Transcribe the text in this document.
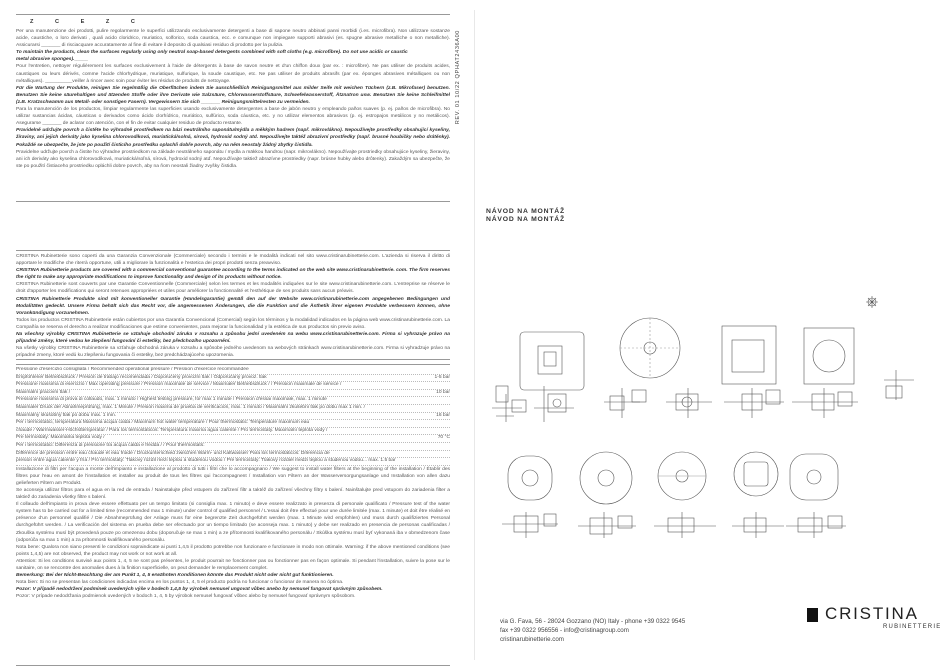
Z	C	E	Z	C
Per una manutenzione dei prodotti, pulire regolarmente le superfici utilizzando esclusivamente detergenti a base di sapone neutro abbinati panni morbidi (i.es. microfibra). Non utilizzare sostanze acide, caustiche, o loro derivati , quali acido cloridrico, muriatico, solforico, soda caustica, ecc. e comunque non impiegare supporti abrasivi (es. spugne abrasive metalliche o non metalliche). Assicurarsi _______ di risciacquare accuratamente al fine di evitare il deposito di qualsiasi residuo di prodotto per la pulizia.
To maintain the products, clean the surfaces regularly using only neutral soap-based detergents combined with soft cloths (e.g. microfibre). Do not use acidic or caustic
metal abrasive sponges)._____
Pour l'entretien, nettoyer régulièrement les surfaces exclusivement à l'aide de détergents à base de savon neutre et d'un chiffon doux (par ex. : microfibre). Ne pas utiliser de produits acides, caustiques ou leurs dérivés, comme l'acide chlorhydrique, muriatique, sulfurique, la soude caustique, etc. Ne pas utiliser de produits abrasifs (par ex. éponges abrasives métalliques ou non métalliques). __________veiller à rincer avec soin pour éviter les résidus de produits de nettoyage.
Für die Wartung der Produkte, reinigen Sie regelmäßig die Oberflächen indem Sie ausschließlich Reinigungsmittel aus milder Seife mit weichen Tüchern (z.B. Mikrofaser) benutzen. Benutzen Sie keine säurehaltigen und ätzenden Stoffe oder ihre Derivate wie Salzsäure, Chlorwasserstoffsäure, Schwefelwasserstoff, Ätznatron usw. Benutzen Sie keine Schleifmittel (z.B. Kratzschwamm aus Metall- oder sonstigen Fasern). Vergewissern Sie sich _______ Reinigungsmittelresten zu vermeiden.
Para la manutención de los productos, limpiar regularmente las superficies usando exclusivamente detergentes a base de jabón neutro y empleando paños suaves (p. ej. paños de microfibra). No utilizar sustancias ácidas, cáusticas o derivados como ácido clorhídrico, muriático, sulfúrico, soda cáustica, etc. y no utilizar elementos abrasivos (p. ej. estropajos metálicos y no metálicos). Asegurarse _______ de aclarar con atención, con el fin de evitar cualquier residuo de producto restante.
Pravidelně udržujte povrch a čistěte ho výhradně prostředkem na bázi neutrálního saponátu/mýdla a měkkým hadrem (např. mikrovlákno). Nepoužívejte prostředky obsahující kyseliny, žíraviny, ani jejich deriváty jako kyselina chlorovodíková, muriatická/solná, sírová, hydroxid sodný atd. Nepoužívejte taktéž abrazivní prostředky (např. brusné houbičky nebo drátěnky). Pokaždé se ubezpečte, že jste po použití čisticího prostředku oplachli dobře povrch, aby na něm neostaly žádný zbytky čistidla.
Pravidelne udržujte povrch a čistite ho výhradne prostriedkom na základe neutrálneho saponátu / mydla a mäkkou handrou (napr. mikrovlákno). Nepoužívajte prostriedky obsahujúce kyseliny, žieraviny, ani ich deriváty ako kyselina chlorovodíková, muriatická/soľná, sírová, hydroxid sodný atď. Nepoužívajte taktiež abrazívne prostriedky (napr. brúsne hubky alebo drôtenky). Zakaždým sa ubezpečte, že ste po použití čistiaceho prostriedku opláchli dobre povrch, aby na ňom neostali žiadny zvyšky čistidla.
CRISTINA Rubinetterie sono coperti da una Garanzia Convenzionale (Commerciale) secondo i termini e le modalità indicati nel sito www.cristinarubinetterie.com. L'azienda si riserva il diritto di apportare le modifiche che riterrà opportune, utili a migliorare la funzionalità e l'estetica dei propri prodotti senza preavviso.
CRISTINA Rubinetterie products are covered with a commercial conventional guarantee according to the terms indicated on the web site www.cristinarubinetterie. com. The firm reserves the right to make any appropriate modifications to improve functionality and design of its products without notice.
CRISTINA Rubinetterie sont couverts par une Garantie Conventionnelle (Commerciale) selon les termes et les modalités indiquées sur le site www.cristinarubinetterie.com. L'entreprise se réserve le droit d'apporter les modifications qui seront retenues appropriées et utiles pour améliorer la fonctionnalité et l'esthétique de ses produits sans aucun préavis.
CRISTINA Rubinetterie Produkte sind mit konventioneller Garantie (Handelsgarantie) gemäß den auf der Website www.cristinarubinetterie.com angegebenen Bedingungen und Modalitäten gedeckt. Unsere Firma behält sich das Recht vor, die angemessenen Änderungen, die die Funktion und die Ästhetik ihrer eigenen Produkte verbessern können, ohne Vorankündigung vorzunehmen.
Todos los productos CRISTINA Rubinetterie están cubiertos por una Garantía Convencional (Comercial) según los términos y la modalidad indicados en la página web www.cristinarubinetterie.com. La Compañía se reserva el derecho a realizar modificaciones que estime convenientes, para mejorar la funcionalidad y la estética de sus productos sin previo aviso.
Na všechny výrobky CRISTINA Rubinetterie se vztahuje obchodní záruka v rozsahu a způsobu jední uvedeném na webu www.cristinarubinetterie.com. Firma si vyhrazuje právo na případné změny, které vedou ke zlepšení fungování či estetiky, bez předchozího upozornění.
Na všetky výrobky CRISTINA Rubinetterie sa vzťahuje obchodná záruka v rozsahu a spôsobe jedného uvedenom na webových stránkach www.cristinarubinetterie.com. Firma si vyhradzuje právo na prípadné zmeny, ktoré vedú ku zlepšeniu fungovania či estetiky, bez predchádzajúceho upozornenia.
Pressione d'esercizio consigliata / Recommended operational pressure / Pression d'exercice recommandée
Empfohlener Betriebsdruck / Presión de trabajo recomendada / Doporučený provozní tlak / Odporúčaný provoz. tlak	1-5 bar
Pressione massima di esercizio / Max operating pressure / Pression maximale de service / Maximaler Betriebsdruck / / Pression maximale de service /
Maximální pracovní tlak /	10 bar
Pressione massima di prova di collaudo, max. 1 minuto / Highest testing pressure, for max 1 minute / Pression d'essai maximale, max. 1 minute
Maximaler Druck der Abnahmeprüfung, max. 1 Minute / Presión máxima de prueba de verificación, máx. 1 minuto / Maximální zkušební tlak po dobu max 1 min. /
Maximálny skúšobný tlak po dobu max. 1 min.	16 bar
Per i termostatici, temperatura Massima acqua calda / Maximum hot water temperature / Pour thermostatic: Température maximum eau
chaude / Warmwasser-Höchsttemperatur / Para los termostáticos: Temperatura máxima agua caliente / Pro termostaty. Maximální teplota vody /
Pre termostaty: Maximálna teplota vody /	70 °C
Per i termostatici: Differenza di pressione tra acqua calda e fredda / / Pour thermostats:
Différence de pression entre eau chaude et eau froide / Druckunterschied zwischen Warm- und Kaltwasser/ Para los termostáticos: Diferencia de
presión entre agua caliente y fría / Pro termostaty: Tlakový rozdíl mezi teplou a studenou vodou / Pre termostaty: Tlakový rozdiel medzi teplou a studenou vodou... max. 1.5 bar
Installazione di filtri per l'acqua a monte dell'impianto e installazione al prodotto di tutti i filtri che lo accompagnano / We suggest to install water filters at the beginning of the installation / Établir des filtres pour l'eau en amont de l'installation et installer au produit de tous les filtres qui l'accompagnent / Installation von Filtern an der Wasserversorgungsanlage und Installation von allen dazu gelieferten Filtern am Produkt.
Se aconseja utilizar filtros para el agua en la red de entrada / Nainstalujte před vstupem do zařízení filtr a taktéž do zařízení všechny filtry s balení. Nainštalujte pred vstupom do zariadenia filter a taktiež do zariadenia všetky filtre s balení.
Il collaudo dell'impianto in prova deve essere effettuato per un tempo limitato (si consiglia max. 1 minuto) e deve essere realizzato in presenza di personale qualificato / Pressure test of the water system has to be carried out for a limited time (recommended max 1 minute) under control of qualified personnel / L'essai doit être effectué pour une durée limitée (max. 1 minute) et doit être réalisé en présence d'un personnel qualifié / Die Abnahmeprüfung der Anlage muss für eine begrenzte Zeit durchgeführt werden (max. 1 Minute wird empfohlen) und muss durch qualifiziertes Personal durchgeführt werden. / La verificación del sistema en prueba debe ser efectuado por un tiempo limitado (se aconseja max. 1 minuto) y debe ser realizado en presencia de personas cualificadas / Zkouška systému musí být provedená pouze po omezenou dobu (doporučuje se max 1 min) a ze přítomnosti kvalifikovaného personálu / Skúška systému musí byť vykonaná iba v obmedzenom čase (odporúča sa max 1 min) a za prítomnosti kvalifikovaného personálu.
Nota bene: Qualora non siano presenti le condizioni sopraindicate ai punti 1,4,5 il prodotto potrebbe non funzionare e funzionare in modo non ottimale. Warning: if the above mentioned conditions (see points 1,4,5) are not observed, the product may not work or not work at all.
Attention: Si les conditions susvisé aux points 1, 4, 5 ne sont pas présentes, le produit pourrait ne fonctionner pas ou fonctionner pas en façon optimale. Si pendant l'installation, suivre la pose sur le sanitaire, on se rencontre des anomalies dues à la finition superficielle, on peut demander le remplacement complet.
Bemerkung: Bei der Nicht-Beachtung der am Punkt 1, 4, 5 erwähnten Konditionen könnte das Produkt nicht oder nicht gut funktionieren.
Nota bien: Si no se presentan las condiciones indicadas encima en los puntos 1, 4, 5 el producto podría no funcionar o funcionar de manera no óptima.
Pozor: V případě nedodržení podmínek uvedených výše v bodech 1,4,5 by výrobek nemusel ungovat vůbec anebo by nemusel fungovat správným způsobem.
Pozor: V prípade nedodržania podmienok uvedených v bodoch 1, 4, 5 by výrobok nemusel fungovať vôbec alebo by nemusel fungovať správnym spôsobom.
REV. 01 10/22 QPHAT2436A00
NÁVOD NA MONTÁŽ
NÁVOD NA MONTÁŽ
CRISTINA
RUBINETTERIE
via G. Fava, 56 - 28024 Gozzano (NO) Italy - phone +39 0322 9545
fax +39 0322 956556 - info@cristinagroup.com
cristinarubinetterie.com
